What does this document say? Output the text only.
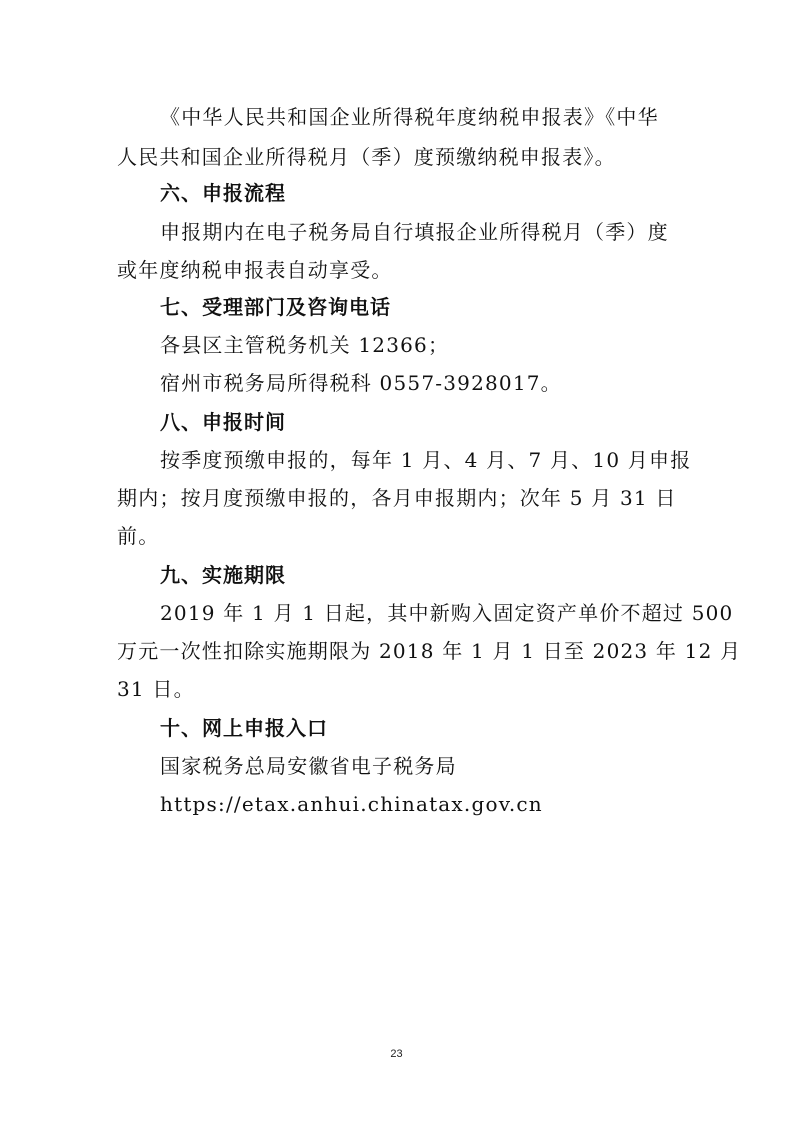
《中华人民共和国企业所得税年度纳税申报表》《中华
人民共和国企业所得税月（季）度预缴纳税申报表》。
六、申报流程
申报期内在电子税务局自行填报企业所得税月（季）度
或年度纳税申报表自动享受。
七、受理部门及咨询电话
各县区主管税务机关 12366；
宿州市税务局所得税科 0557-3928017。
八、申报时间
按季度预缴申报的，每年 1 月、4 月、7 月、10 月申报
期内；按月度预缴申报的，各月申报期内；次年 5 月 31 日
前。
九、实施期限
2019 年 1 月 1 日起，其中新购入固定资产单价不超过 500
万元一次性扣除实施期限为 2018 年 1 月 1 日至 2023 年 12 月
31 日。
十、网上申报入口
国家税务总局安徽省电子税务局
https://etax.anhui.chinatax.gov.cn
23
